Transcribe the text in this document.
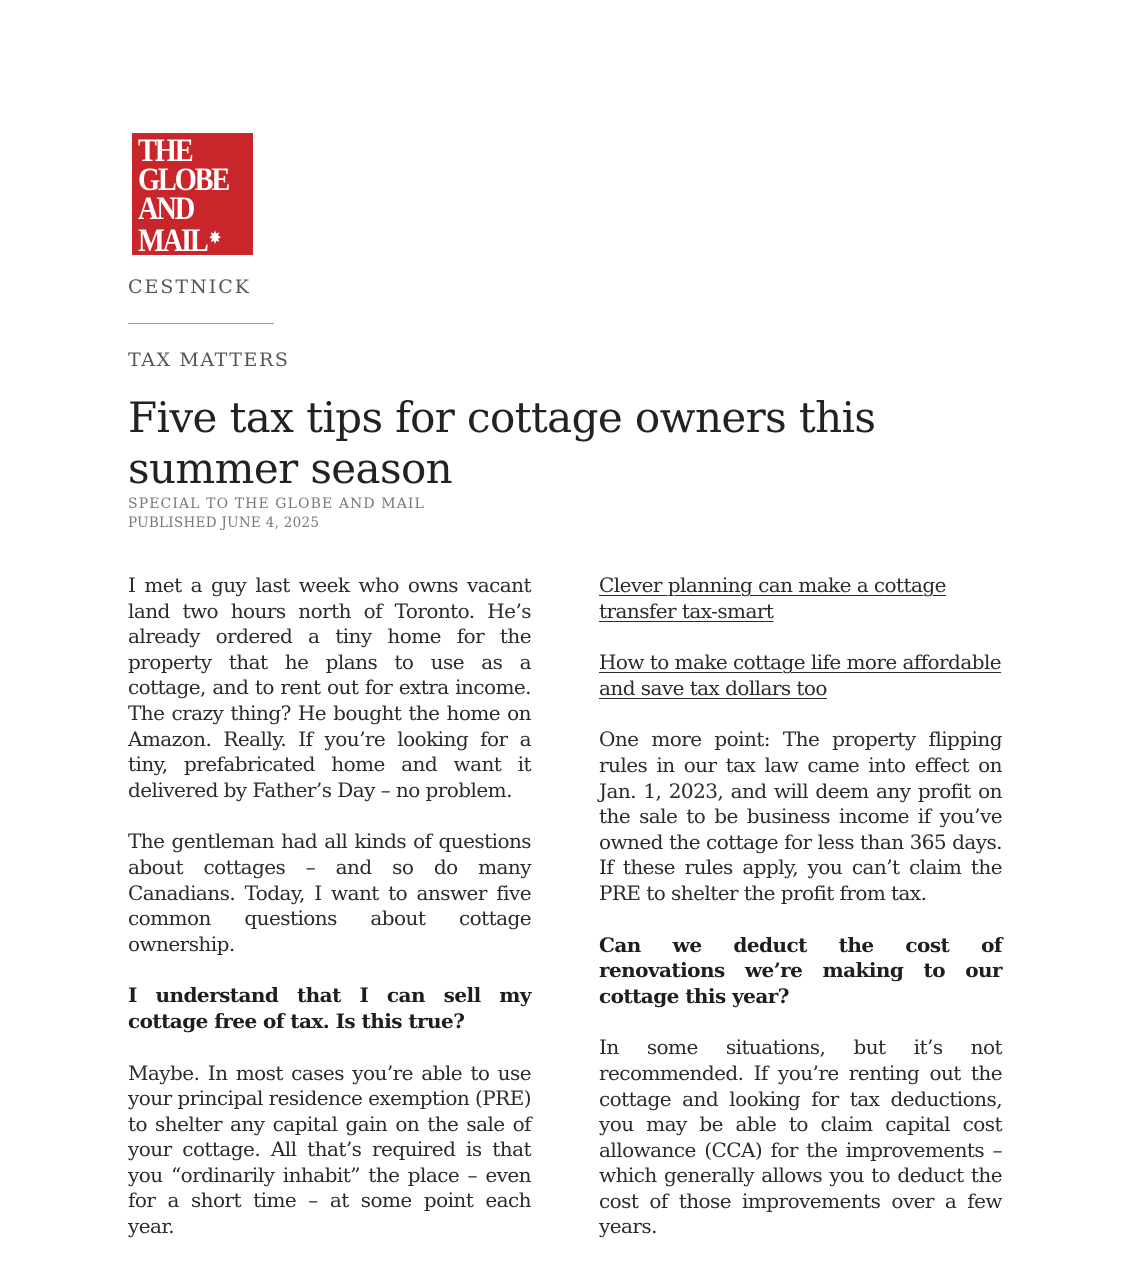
THE
GLOBE
AND
MAIL ✸
CESTNICK
TAX MATTERS
Five tax tips for cottage owners this summer season
SPECIAL TO THE GLOBE AND MAIL
PUBLISHED JUNE 4, 2025

I met a guy last week who owns vacant land two hours north of Toronto. He’s already ordered a tiny home for the property that he plans to use as a cottage, and to rent out for extra income. The crazy thing? He bought the home on Amazon. Really. If you’re looking for a tiny, prefabricated home and want it delivered by Father’s Day – no problem.

The gentleman had all kinds of questions about cottages – and so do many Canadians. Today, I want to answer five common questions about cottage ownership.

I understand that I can sell my cottage free of tax. Is this true?

Maybe. In most cases you’re able to use your principal residence exemption (PRE) to shelter any capital gain on the sale of your cottage. All that’s required is that you “ordinarily inhabit” the place – even for a short time – at some point each year.

Clever planning can make a cottage transfer tax-smart

How to make cottage life more affordable and save tax dollars too

One more point: The property flipping rules in our tax law came into effect on Jan. 1, 2023, and will deem any profit on the sale to be business income if you’ve owned the cottage for less than 365 days. If these rules apply, you can’t claim the PRE to shelter the profit from tax.

Can we deduct the cost of renovations we’re making to our cottage this year?

In some situations, but it’s not recommended. If you’re renting out the cottage and looking for tax deductions, you may be able to claim capital cost allowance (CCA) for the improvements – which generally allows you to deduct the cost of those improvements over a few years.
